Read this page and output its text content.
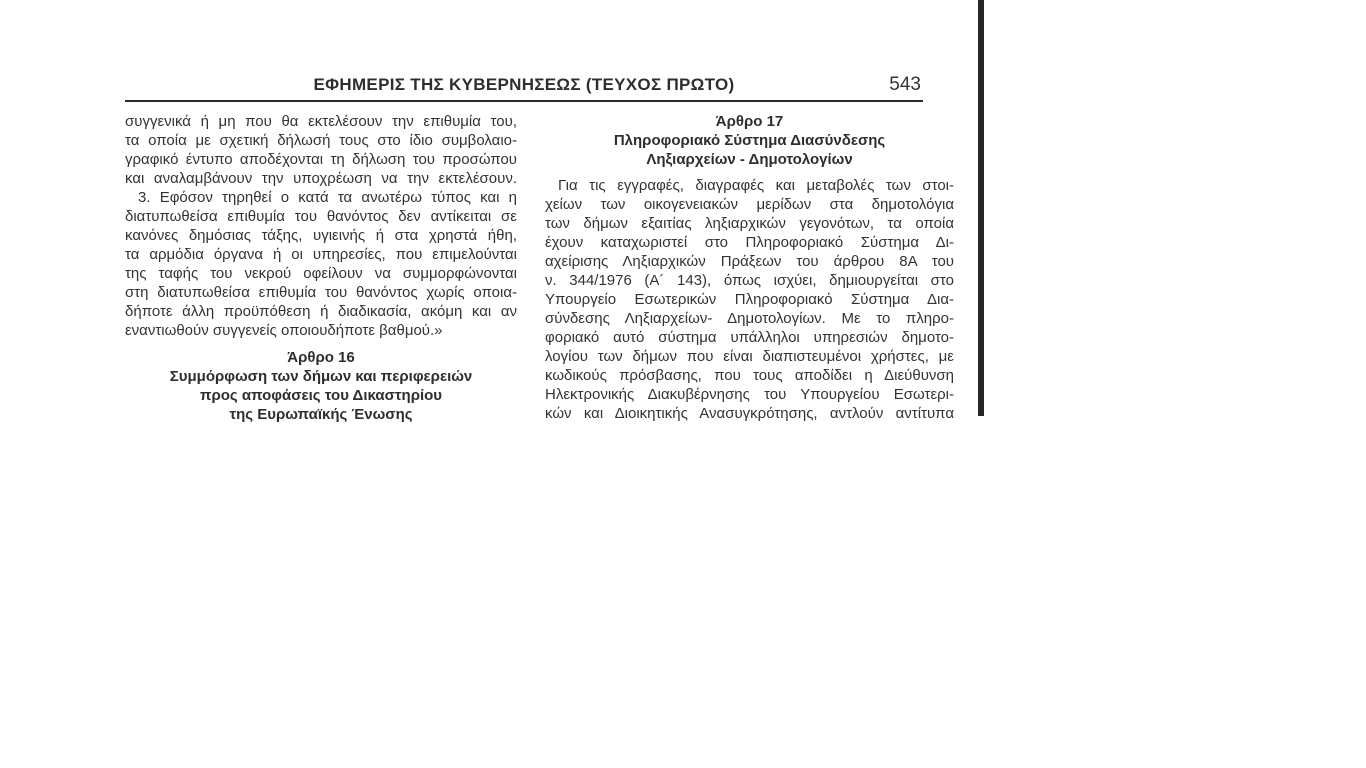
ΕΦΗΜΕΡΙΣ ΤΗΣ ΚΥΒΕΡΝΗΣΕΩΣ (ΤΕΥΧΟΣ ΠΡΩΤΟ)	543
συγγενικά ή μη που θα εκτελέσουν την επιθυμία του,
τα οποία με σχετική δήλωσή τους στο ίδιο συμβολαιο-
γραφικό έντυπο αποδέχονται τη δήλωση του προσώπου
και αναλαμβάνουν την υποχρέωση να την εκτελέσουν.
3. Εφόσον τηρηθεί ο κατά τα ανωτέρω τύπος και η
διατυπωθείσα επιθυμία του θανόντος δεν αντίκειται σε
κανόνες δημόσιας τάξης, υγιεινής ή στα χρηστά ήθη,
τα αρμόδια όργανα ή οι υπηρεσίες, που επιμελούνται
της ταφής του νεκρού οφείλουν να συμμορφώνονται
στη διατυπωθείσα επιθυμία του θανόντος χωρίς οποια-
δήποτε άλλη προϋπόθεση ή διαδικασία, ακόμη και αν
εναντιωθούν συγγενείς οποιουδήποτε βαθμού.»
Άρθρο 16
Συμμόρφωση των δήμων και περιφερειών
προς αποφάσεις του Δικαστηρίου
της Ευρωπαϊκής Ένωσης
Άρθρο 17
Πληροφοριακό Σύστημα Διασύνδεσης
Ληξιαρχείων - Δημοτολογίων
Για τις εγγραφές, διαγραφές και μεταβολές των στοι-
χείων των οικογενειακών μερίδων στα δημοτολόγια
των δήμων εξαιτίας ληξιαρχικών γεγονότων, τα οποία
έχουν καταχωριστεί στο Πληροφοριακό Σύστημα Δι-
αχείρισης Ληξιαρχικών Πράξεων του άρθρου 8Α του
ν. 344/1976 (Α´ 143), όπως ισχύει, δημιουργείται στο
Υπουργείο Εσωτερικών Πληροφοριακό Σύστημα Δια-
σύνδεσης Ληξιαρχείων- Δημοτολογίων. Με το πληρο-
φοριακό αυτό σύστημα υπάλληλοι υπηρεσιών δημοτο-
λογίου των δήμων που είναι διαπιστευμένοι χρήστες, με
κωδικούς πρόσβασης, που τους αποδίδει η Διεύθυνση
Ηλεκτρονικής Διακυβέρνησης του Υπουργείου Εσωτερι-
κών και Διοικητικής Ανασυγκρότησης, αντλούν αντίτυπα
